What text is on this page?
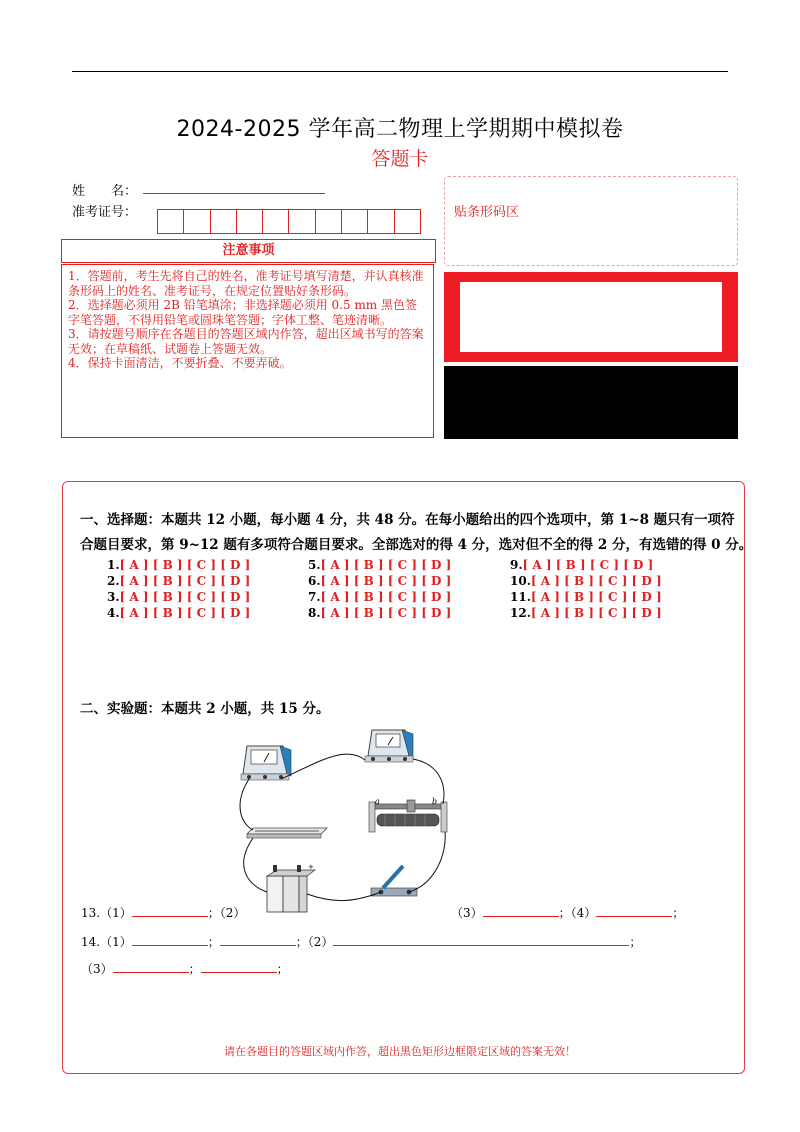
2024-2025 学年高二物理上学期期中模拟卷
答题卡
姓　　名：
准考证号：
注意事项

1．答题前，考生先将自己的姓名，准考证号填写清楚，并认真核准条形码上的姓名、准考证号，在规定位置贴好条形码。

2．选择题必须用 2B 铅笔填涂；非选择题必须用 0.5 mm 黑色签字笔答题，不得用铅笔或圆珠笔答题；字体工整、笔迹清晰。

3．请按题号顺序在各题目的答题区域内作答，超出区域书写的答案无效；在草稿纸、试题卷上答题无效。

4．保持卡面清洁，不要折叠、不要弄破。

贴条形码区
一、选择题：本题共 12 小题，每小题 4 分，共 48 分。在每小题给出的四个选项中，第 1~8 题只有一项符
合题目要求，第 9~12 题有多项符合题目要求。全部选对的得 4 分，选对但不全的得 2 分，有选错的得 0 分。
1.[ A ] [ B ] [ C ] [ D ]
2.[ A ] [ B ] [ C ] [ D ]
3.[ A ] [ B ] [ C ] [ D ]
4.[ A ] [ B ] [ C ] [ D ]
5.[ A ] [ B ] [ C ] [ D ]
6.[ A ] [ B ] [ C ] [ D ]
7.[ A ] [ B ] [ C ] [ D ]
8.[ A ] [ B ] [ C ] [ D ]
9.[ A ] [ B ] [ C ] [ D ]
10.[ A ] [ B ] [ C ] [ D ]
11.[ A ] [ B ] [ C ] [ D ]
12.[ A ] [ B ] [ C ] [ D ]
二、实验题：本题共 2 小题，共 15 分。
a	b
+
13.（1）	；（2）	（3）	；（4）	；
14.（1）	；	；（2）	；
（3）	；	；
请在各题目的答题区域内作答，超出黑色矩形边框限定区域的答案无效！
